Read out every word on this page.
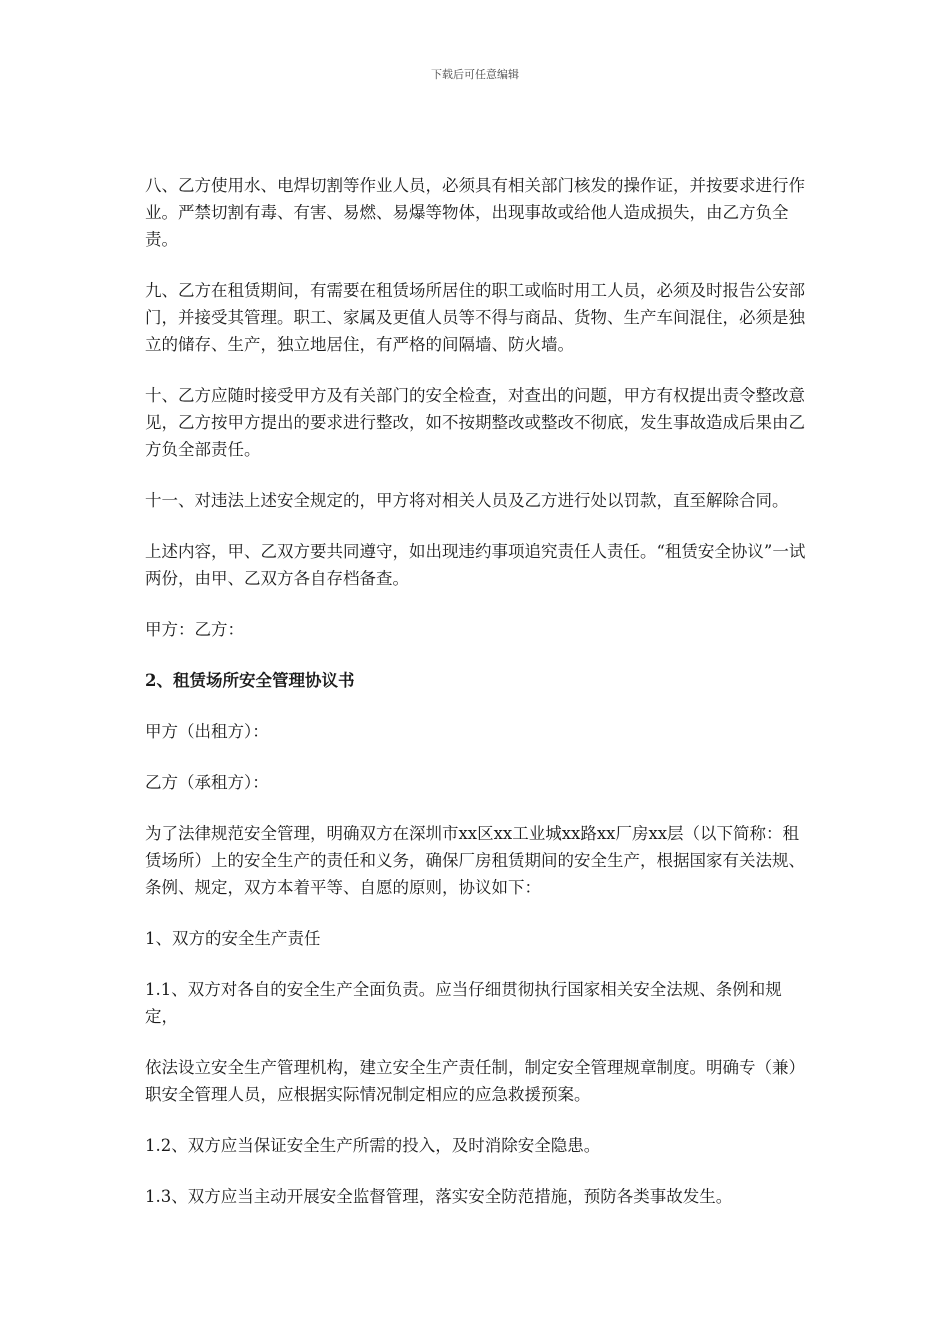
下载后可任意编辑

八、乙方使用水、电焊切割等作业人员，必须具有相关部门核发的操作证，并按要求进行作业。严禁切割有毒、有害、易燃、易爆等物体，出现事故或给他人造成损失，由乙方负全责。

九、乙方在租赁期间，有需要在租赁场所居住的职工或临时用工人员，必须及时报告公安部门，并接受其管理。职工、家属及更值人员等不得与商品、货物、生产车间混住，必须是独立的储存、生产，独立地居住，有严格的间隔墙、防火墙。

十、乙方应随时接受甲方及有关部门的安全检查，对查出的问题，甲方有权提出责令整改意见，乙方按甲方提出的要求进行整改，如不按期整改或整改不彻底，发生事故造成后果由乙方负全部责任。

十一、对违法上述安全规定的，甲方将对相关人员及乙方进行处以罚款，直至解除合同。

上述内容，甲、乙双方要共同遵守，如出现违约事项追究责任人责任。“租赁安全协议”一试两份，由甲、乙双方各自存档备查。

甲方：乙方：

2、租赁场所安全管理协议书

甲方（出租方）：

乙方（承租方）：

为了法律规范安全管理，明确双方在深圳市xx区xx工业城xx路xx厂房xx层（以下简称：租赁场所）上的安全生产的责任和义务，确保厂房租赁期间的安全生产，根据国家有关法规、条例、规定，双方本着平等、自愿的原则，协议如下：

1、双方的安全生产责任

1.1、双方对各自的安全生产全面负责。应当仔细贯彻执行国家相关安全法规、条例和规定，

依法设立安全生产管理机构，建立安全生产责任制，制定安全管理规章制度。明确专（兼）职安全管理人员，应根据实际情况制定相应的应急救援预案。

1.2、双方应当保证安全生产所需的投入，及时消除安全隐患。

1.3、双方应当主动开展安全监督管理，落实安全防范措施，预防各类事故发生。
